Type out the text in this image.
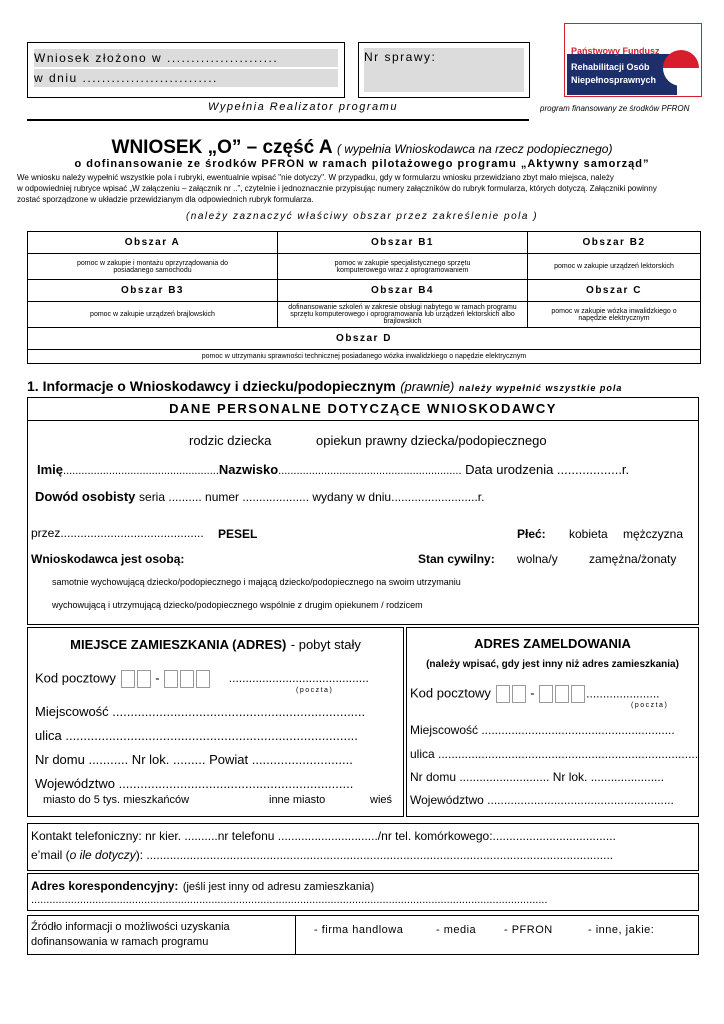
Wniosek złożono w .......................
w dniu ............................
Nr sprawy:	Państwowy Fundusz
Rehabilitacji Osób
Niepełnosprawnych
Wypełnia Realizator programu	program finansowany ze środków PFRON
WNIOSEK „O” – część A ( wypełnia Wnioskodawca na rzecz podopiecznego)
o dofinansowanie ze środków PFRON w ramach pilotażowego programu „Aktywny samorząd”
We wniosku należy wypełnić wszystkie pola i rubryki, ewentualnie wpisać "nie dotyczy". W przypadku, gdy w formularzu wniosku przewidziano zbyt mało miejsca, należy
w odpowiedniej rubryce wpisać „W załączeniu – załącznik nr ..”, czytelnie i jednoznacznie przypisując numery załączników do rubryk formularza, których dotyczą. Załączniki powinny
zostać sporządzone w układzie przewidzianym dla odpowiednich rubryk formularza.
(należy zaznaczyć właściwy obszar przez zakreślenie pola )
Obszar A	Obszar B1	Obszar B2
pomoc w zakupie i montażu oprzyrządowania do posiadanego samochodu	pomoc w zakupie specjalistycznego sprzętu komputerowego wraz z oprogramowaniem	pomoc w zakupie urządzeń lektorskich
Obszar B3	Obszar B4	Obszar C
pomoc w zakupie urządzeń brajlowskich	dofinansowanie szkoleń w zakresie obsługi nabytego w ramach programu sprzętu komputerowego i oprogramowania lub urządzeń lektorskich albo brajlowskich	pomoc w zakupie wózka inwalidzkiego o napędzie elektrycznym
Obszar D		
pomoc w utrzymaniu sprawności technicznej posiadanego wózka inwalidzkiego o napędzie elektrycznym		
1. Informacje o Wnioskodawcy i dziecku/podopiecznym (prawnie) należy wypełnić wszystkie pola
DANE PERSONALNE DOTYCZĄCE WNIOSKODAWCY
rodzic dziecka	opiekun prawny dziecka/podopiecznego
Imię...................................................Nazwisko............................................................ Data urodzenia ..................r.
Dowód osobisty seria .......... numer .................... wydany w dniu..........................r.
przez........................................... PESEL	Płeć: kobieta mężczyzna
Wnioskodawca jest osobą:	Stan cywilny: wolna/y	zamężna/żonaty
samotnie wychowującą dziecko/podopiecznego i mającą dziecko/podopiecznego na swoim utrzymaniu
wychowującą i utrzymującą dziecko/podopiecznego wspólnie z drugim opiekunem / rodzicem
MIEJSCE ZAMIESZKANIA (ADRES) - pobyt stały
Kod pocztowy	-	..........................................
(poczta)
Miejscowość ......................................................................
ulica .................................................................................
Nr domu ........... Nr lok. ......... Powiat ............................
Województwo .................................................................
miasto do 5 tys. mieszkańców	inne miasto	wieś
ADRES ZAMELDOWANIA
(należy wpisać, gdy jest inny niż adres zamieszkania)
Kod pocztowy	-	......................
(poczta)
Miejscowość ..........................................................
ulica ..............................................................................
Nr domu ........................... Nr lok. ......................
Województwo ........................................................
Kontakt telefoniczny: nr kier. ..........nr telefonu ............................../nr tel. komórkowego:.....................................
e’mail (o ile dotyczy): ............................................................................................................................................
Adres korespondencyjny: (jeśli jest inny od adresu zamieszkania)
.........................................................................................................................................................................
Źródło informacji o możliwości uzyskania
dofinansowania w ramach programu
- firma handlowa	- media	- PFRON	- inne, jakie:
